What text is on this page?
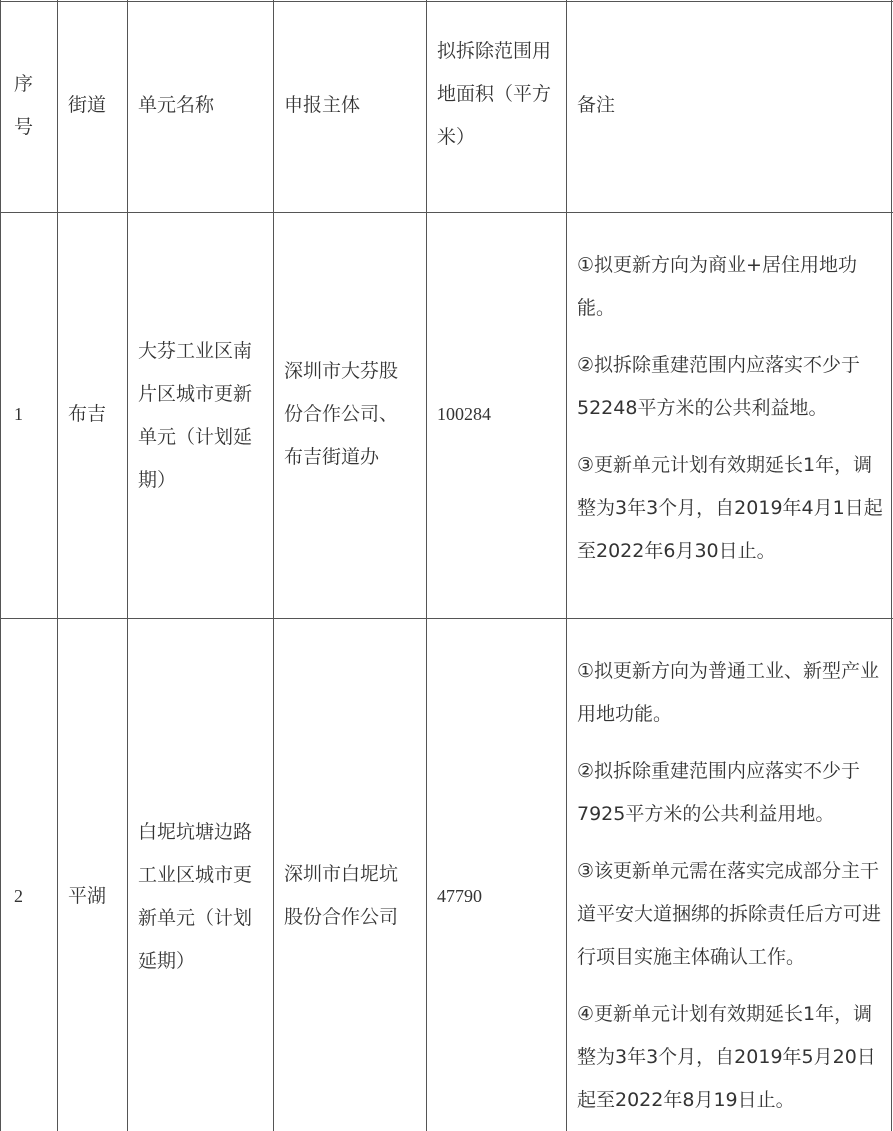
序号
街道	单元名称	申报主体
拟拆除范围用地面积（平方米）
备注
1 布吉
大芬工业区南片区城市更新单元（计划延期）
深圳市大芬股份合作公司、布吉街道办
100284

①拟更新方向为商业+居住用地功能。

②拟拆除重建范围内应落实不少于52248平方米的公共利益地。

③更新单元计划有效期延长1年，调整为3年3个月，自2019年4月1日起至2022年6月30日止。

2 平湖
白坭坑塘边路工业区城市更新单元（计划延期）
深圳市白坭坑股份合作公司
47790

①拟更新方向为普通工业、新型产业用地功能。

②拟拆除重建范围内应落实不少于7925平方米的公共利益用地。

③该更新单元需在落实完成部分主干道平安大道捆绑的拆除责任后方可进行项目实施主体确认工作。

④更新单元计划有效期延长1年，调整为3年3个月，自2019年5月20日起至2022年8月19日止。
